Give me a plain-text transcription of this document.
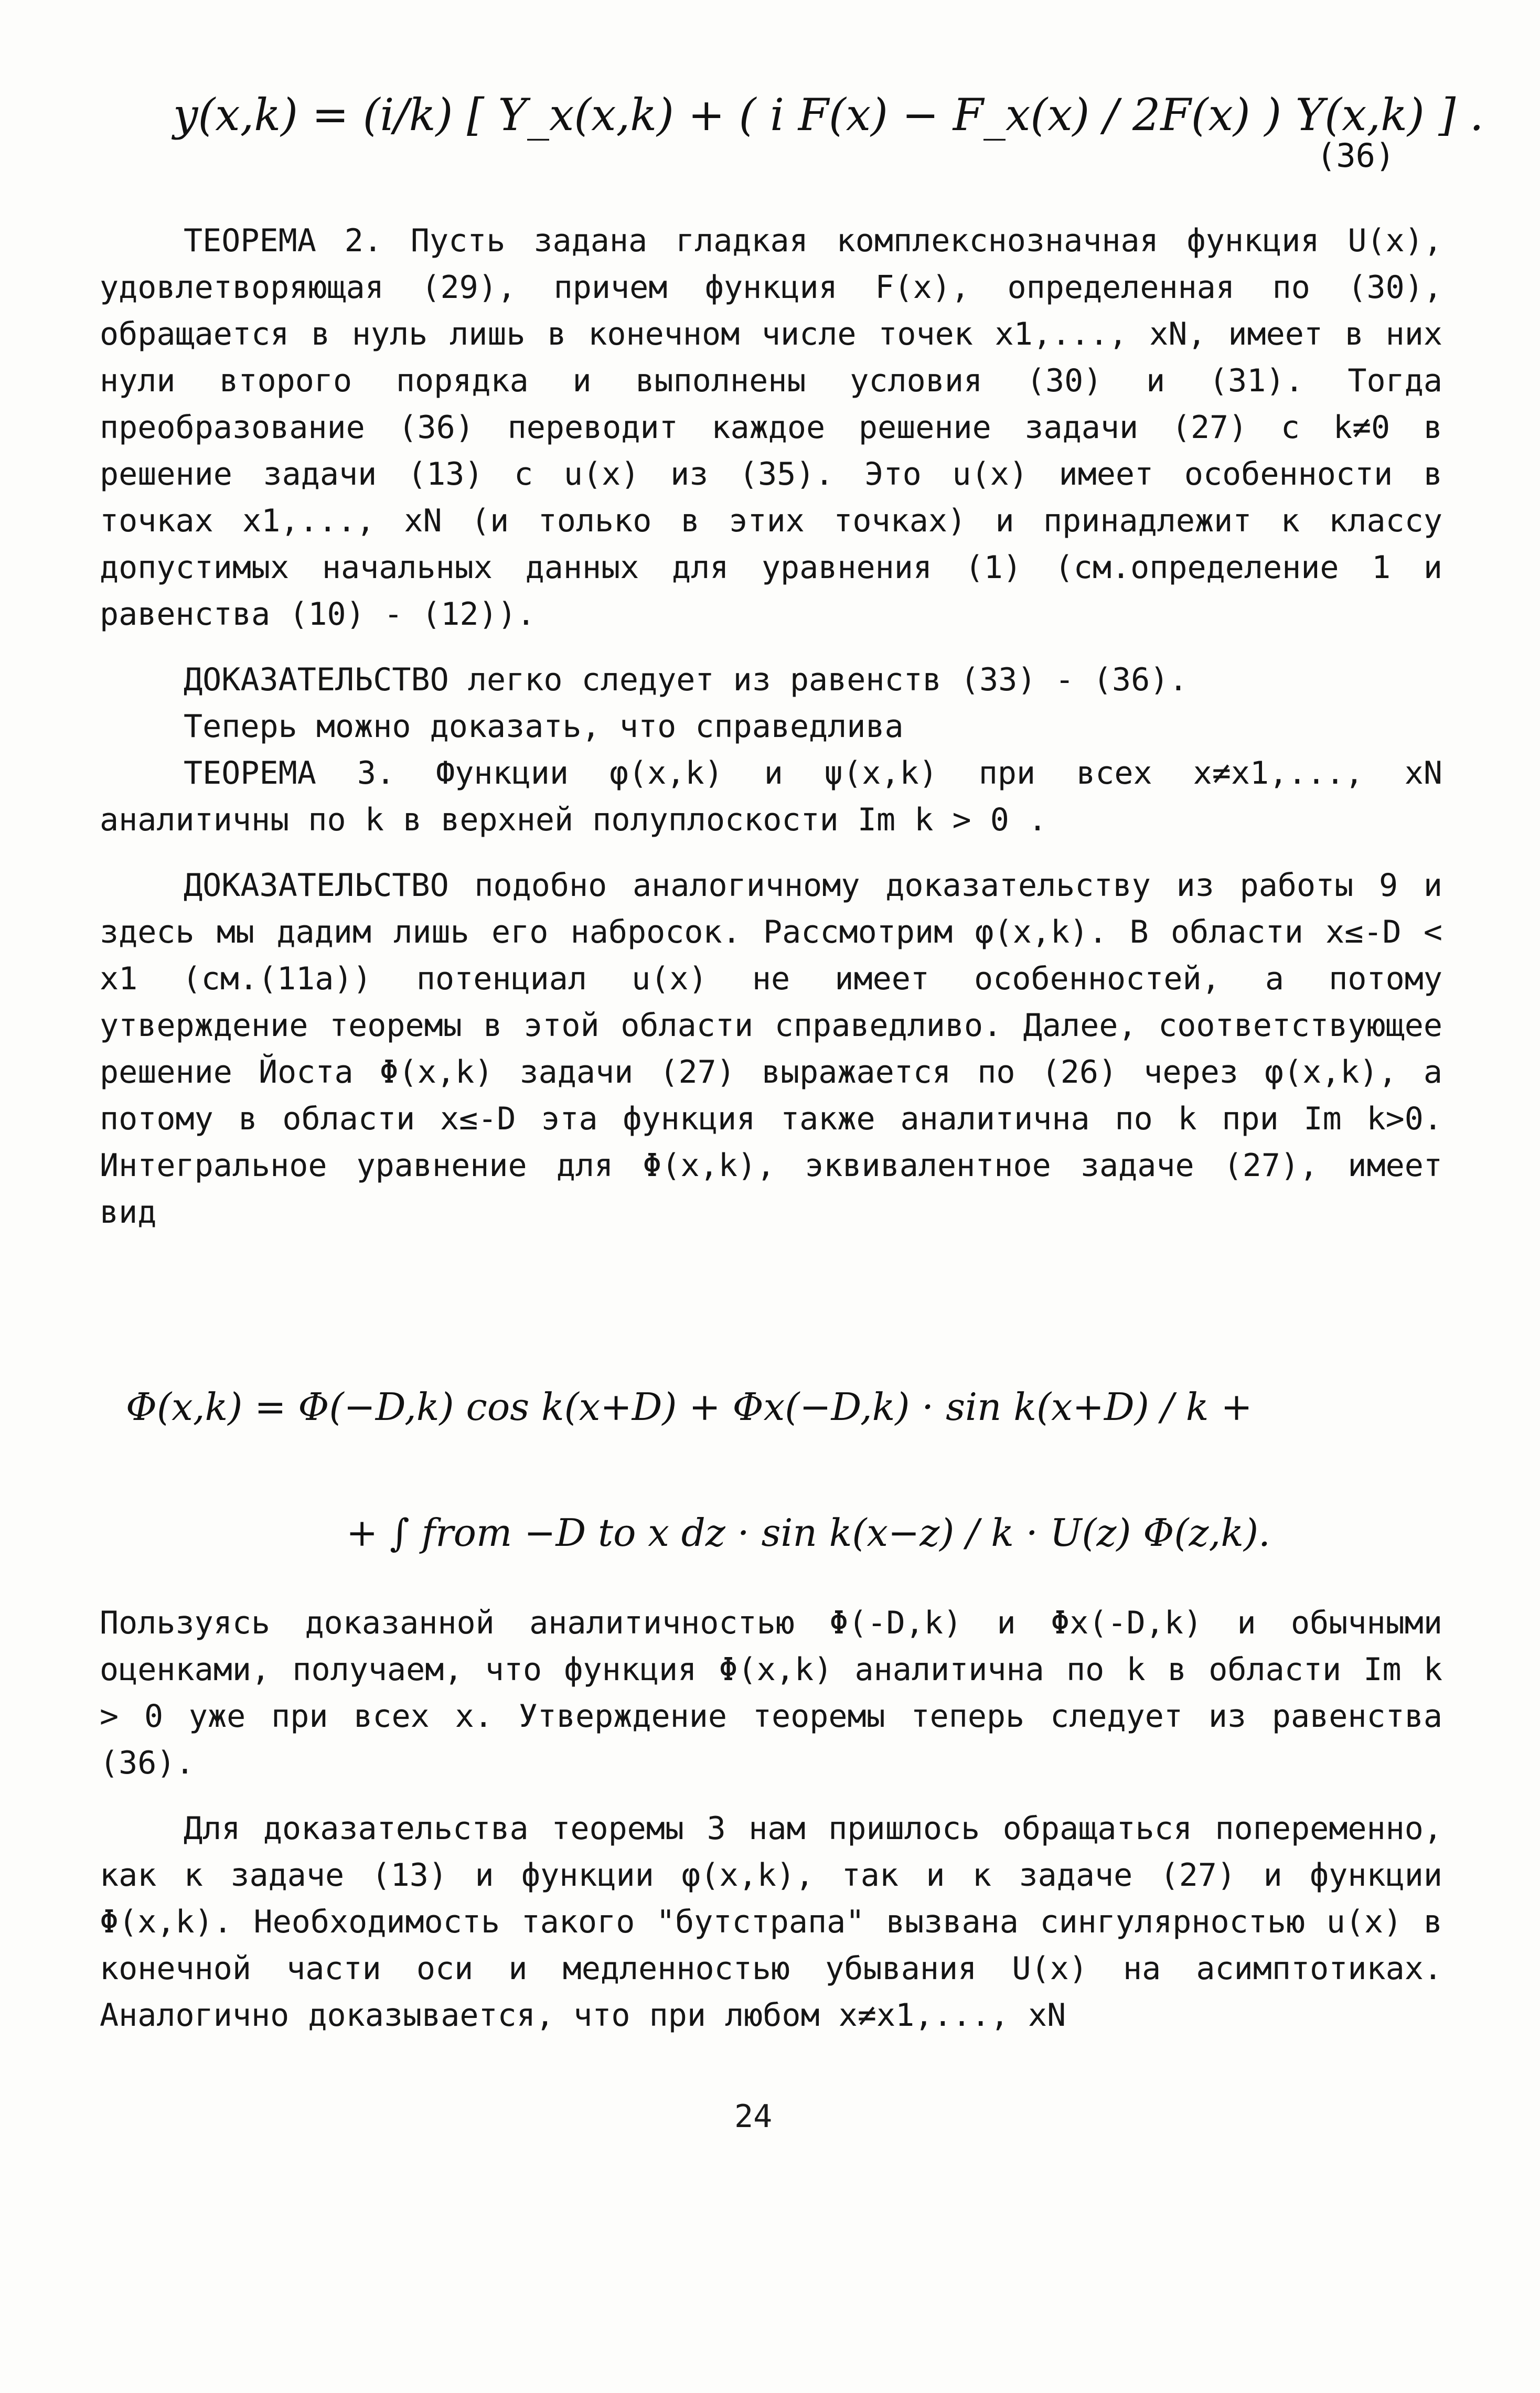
y(x,k) = (i/k) [ Y_x(x,k) + ( i F(x) − F_x(x) / 2F(x) ) Y(x,k) ] .
(36)

ТЕОРЕМА 2. Пусть задана гладкая комплекснозначная функция U(x), удовлетворяющая (29), причем функция F(x), определенная по (30), обращается в нуль лишь в конечном числе точек x1,..., xN, имеет в них нули второго порядка и выполнены условия (30) и (31). Тогда преобразование (36) переводит каждое решение задачи (27) с k≠0 в решение задачи (13) с u(x) из (35). Это u(x) имеет особенности в точках x1,..., xN (и только в этих точках) и принадлежит к классу допустимых начальных данных для уравнения (1) (см.определение 1 и равенства (10) - (12)).

ДОКАЗАТЕЛЬСТВО легко следует из равенств (33) - (36).

Теперь можно доказать, что справедлива

ТЕОРЕМА 3. Функции φ(x,k) и ψ(x,k) при всех x≠x1,..., xN аналитичны по k в верхней полуплоскости Im k > 0 .

ДОКАЗАТЕЛЬСТВО подобно аналогичному доказательству из работы 9 и здесь мы дадим лишь его набросок. Рассмотрим φ(x,k). В области x≤-D < x1 (см.(11a)) потенциал u(x) не имеет особенностей, а потому утверждение теоремы в этой области справедливо. Далее, соответствующее решение Йоста Φ(x,k) задачи (27) выражается по (26) через φ(x,k), а потому в области x≤-D эта функция также аналитична по k при Im k>0. Интегральное уравнение для Φ(x,k), эквивалентное задаче (27), имеет вид

Φ(x,k) = Φ(−D,k) cos k(x+D) + Φx(−D,k) · sin k(x+D) / k +
+ ∫ from −D to x dz · sin k(x−z) / k · U(z) Φ(z,k).

Пользуясь доказанной аналитичностью Φ(-D,k) и Φx(-D,k) и обычными оценками, получаем, что функция Φ(x,k) аналитична по k в области Im k > 0 уже при всех x. Утверждение теоремы теперь следует из равенства (36).

Для доказательства теоремы 3 нам пришлось обращаться попеременно, как к задаче (13) и функции φ(x,k), так и к задаче (27) и функции Φ(x,k). Необходимость такого "бутстрапа" вызвана сингулярностью u(x) в конечной части оси и медленностью убывания U(x) на асимптотиках. Аналогично доказывается, что при любом x≠x1,..., xN

24
